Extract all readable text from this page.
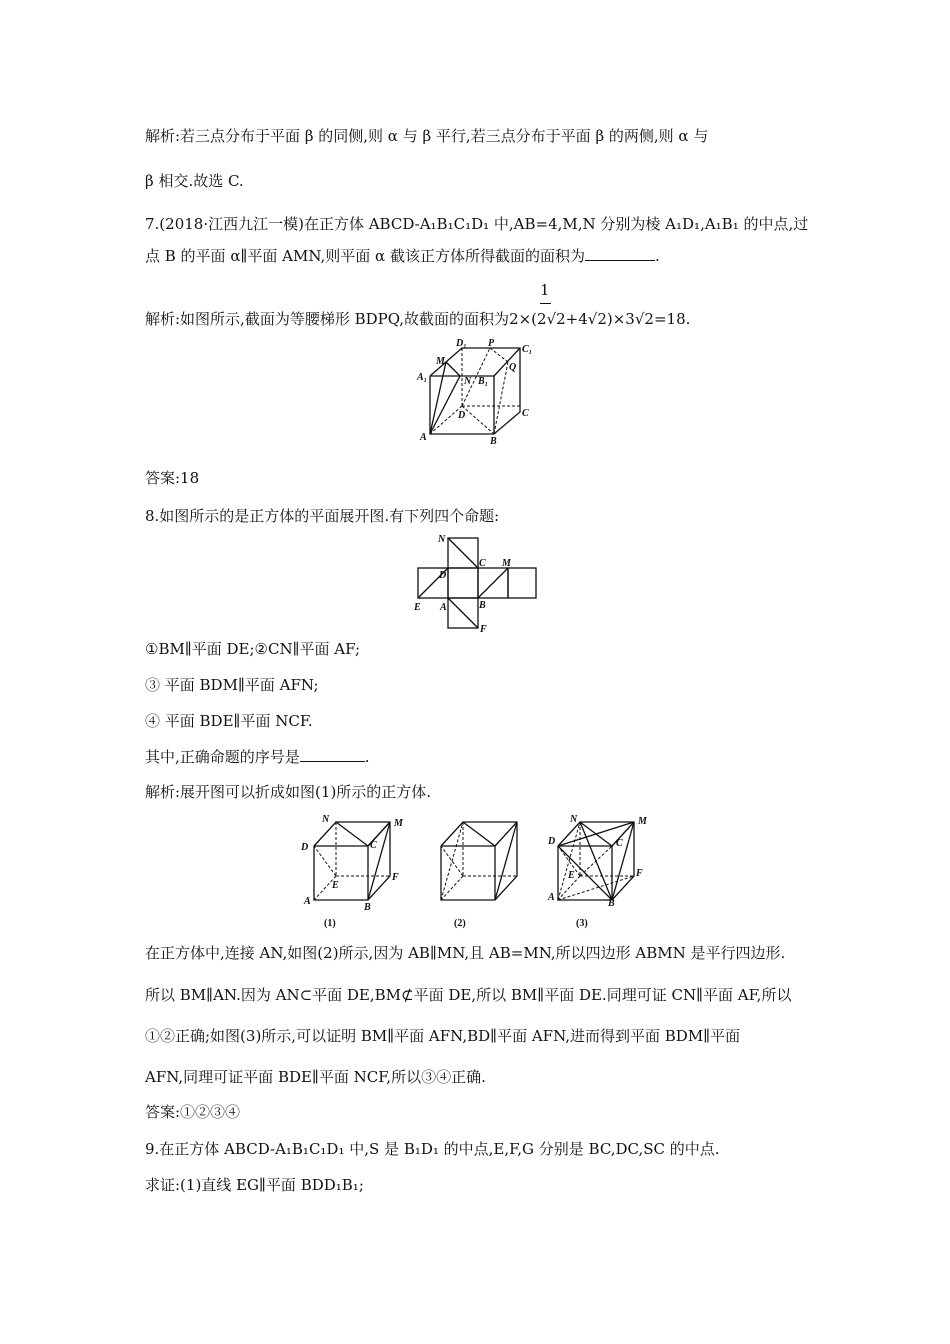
解析:若三点分布于平面 β 的同侧,则 α 与 β 平行,若三点分布于平面 β 的两侧,则 α 与
β 相交.故选 C.
7.(2018·江西九江一模)在正方体 ABCD-A₁B₁C₁D₁ 中,AB=4,M,N 分别为棱 A₁D₁,A₁B₁ 的中点,过
点 B 的平面 α∥平面 AMN,则平面 α 截该正方体所得截面的面积为	.
1
解析:如图所示,截面为等腰梯形 BDPQ,故截面的面积为2×(2√2+4√2)×3√2=18.
D₁ P
C₁
M
A₁	N B₁
Q
D	C
A	B
答案:18
8.如图所示的是正方体的平面展开图.有下列四个命题:
N
C M
D
E A	B
F
①BM∥平面 DE;②CN∥平面 AF;
③ 平面 BDM∥平面 AFN;
④ 平面 BDE∥平面 NCF.
其中,正确命题的序号是	.
解析:展开图可以折成如图(1)所示的正方体.
N	M
D	C
E
F
A
B
(1)	(2)
N	M
D	C
E	F
A
B
(3)
在正方体中,连接 AN,如图(2)所示,因为 AB∥MN,且 AB=MN,所以四边形 ABMN 是平行四边形.
所以 BM∥AN.因为 AN⊂平面 DE,BM⊄平面 DE,所以 BM∥平面 DE.同理可证 CN∥平面 AF,所以
①②正确;如图(3)所示,可以证明 BM∥平面 AFN,BD∥平面 AFN,进而得到平面 BDM∥平面
AFN,同理可证平面 BDE∥平面 NCF,所以③④正确.
答案:①②③④
9.在正方体 ABCD-A₁B₁C₁D₁ 中,S 是 B₁D₁ 的中点,E,F,G 分别是 BC,DC,SC 的中点.
求证:(1)直线 EG∥平面 BDD₁B₁;
